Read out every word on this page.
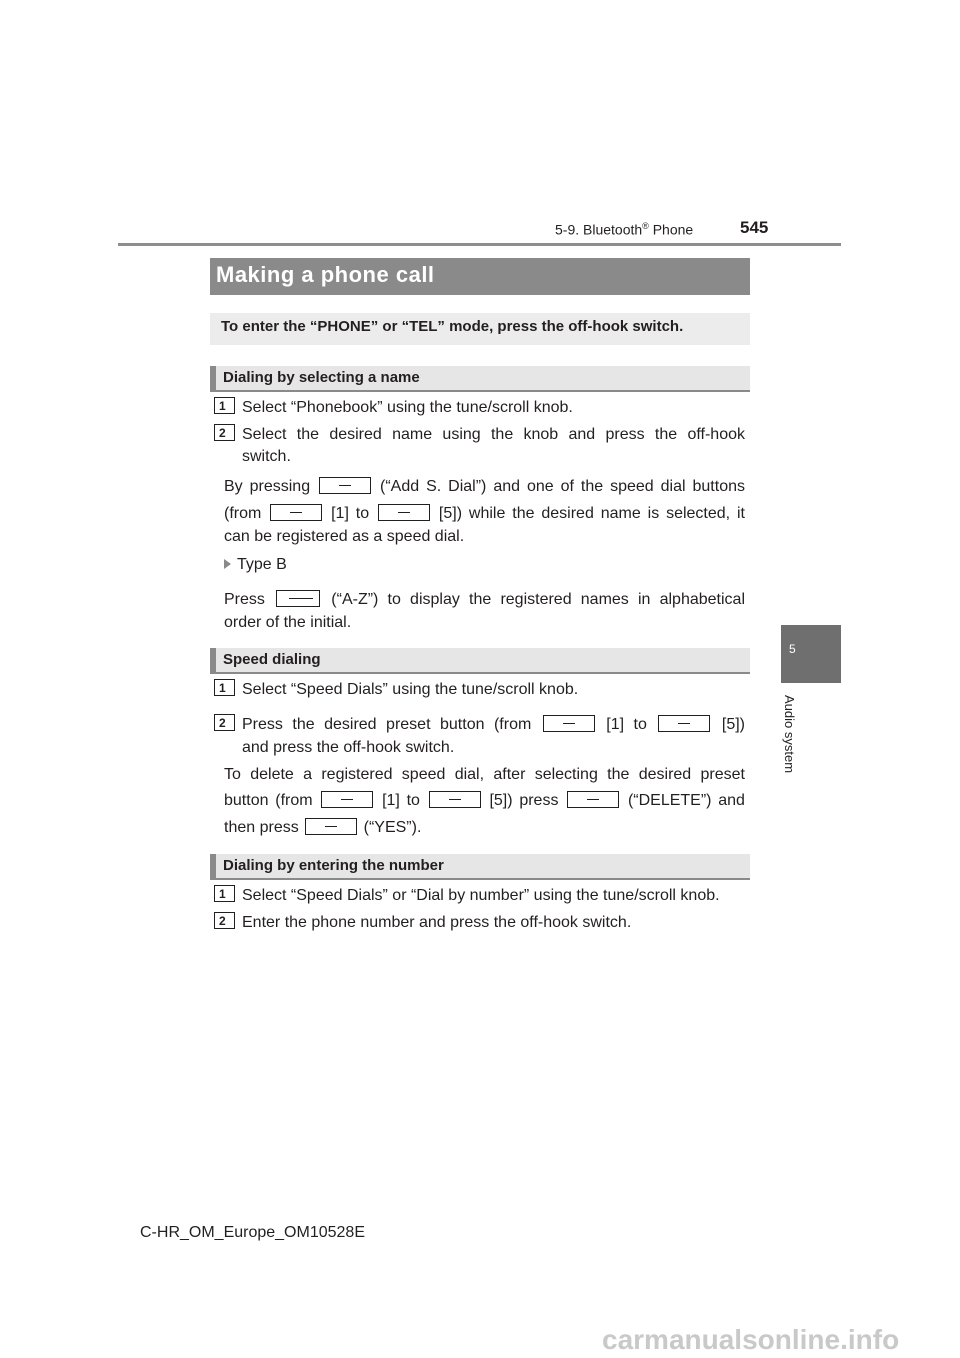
5-9. Bluetooth® Phone	545
5
Audio system
Making a phone call
To enter the “PHONE” or “TEL” mode, press the off-hook switch.
Dialing by selecting a name
1	Select “Phonebook” using the tune/scroll knob.
2	Select the desired name using the knob and press the off-hook
switch.
By pressing	(“Add S. Dial”) and one of the speed dial buttons
(from	[1] to	[5]) while the desired name is selected, it
can be registered as a speed dial.
Type B
Press	(“A-Z”) to display the registered names in alphabetical
order of the initial.
Speed dialing
1	Select “Speed Dials” using the tune/scroll knob.
2	Press the desired preset button (from	[1] to	[5])
and press the off-hook switch.
To delete a registered speed dial, after selecting the desired preset
button (from	[1] to	[5]) press	(“DELETE”) and
then press	(“YES”).
Dialing by entering the number
1	Select “Speed Dials” or “Dial by number” using the tune/scroll knob.
2	Enter the phone number and press the off-hook switch.
C-HR_OM_Europe_OM10528E
carmanualsonline.info
